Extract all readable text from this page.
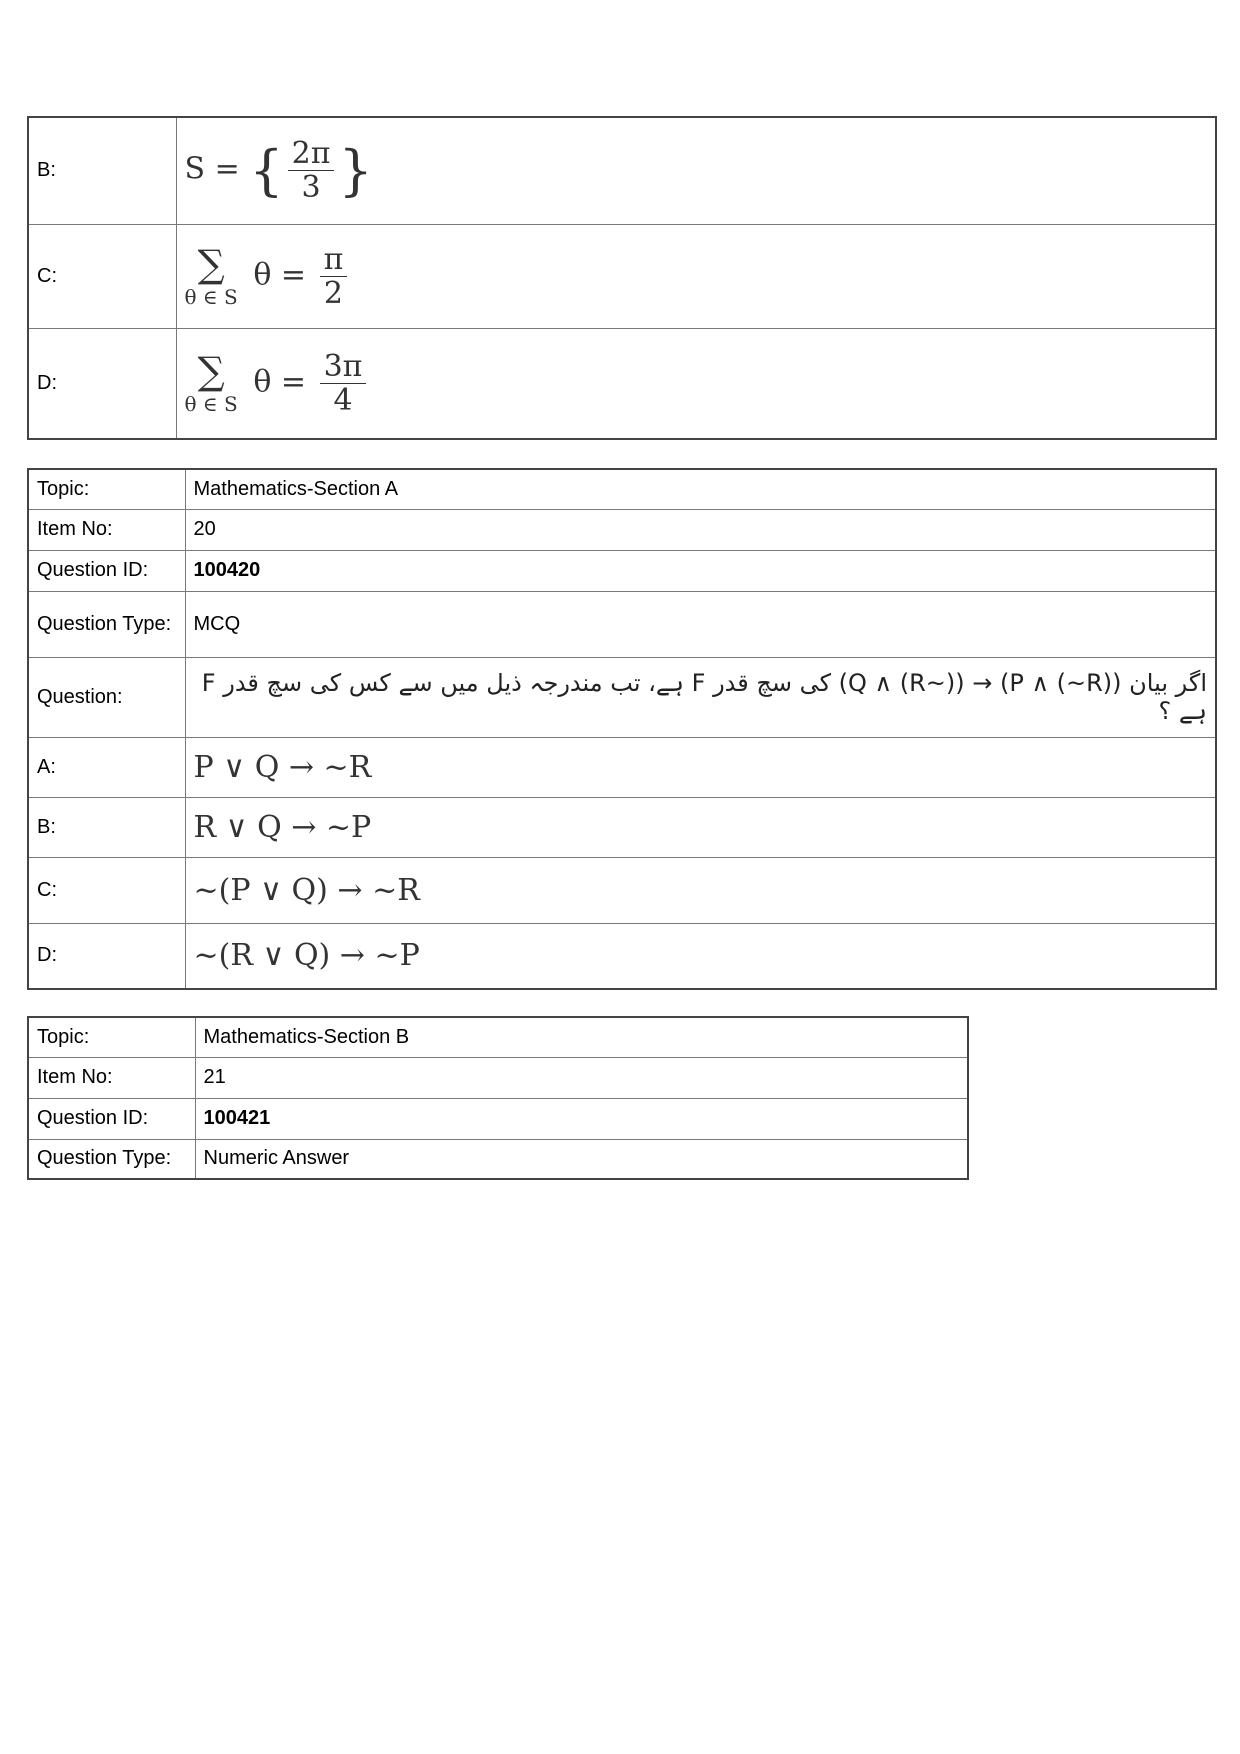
B:	S = { $\frac{2\pi}{3}$ }
C:	∑
θ ∈ S
$\theta = \frac{\pi}{2}$

D:	∑
θ ∈ S
$\theta = \frac{3\pi}{4}$
Topic:	Mathematics-Section A
Item No:	20
Question ID:	100420
Question Type:	MCQ
Question:	اگر بیان (P ∧ (~R)) → ((~R) ∧ Q) کی سچ قدر F ہے، تب مندرجہ ذیل میں سے کس کی سچ قدر F ہے ؟
A:	P ∨ Q → ~R
B:	R ∨ Q → ~P
C:	~(P ∨ Q) → ~R
D:	~(R ∨ Q) → ~P
Topic:	Mathematics-Section B
Item No:	21
Question ID:	100421
Question Type:	Numeric Answer
